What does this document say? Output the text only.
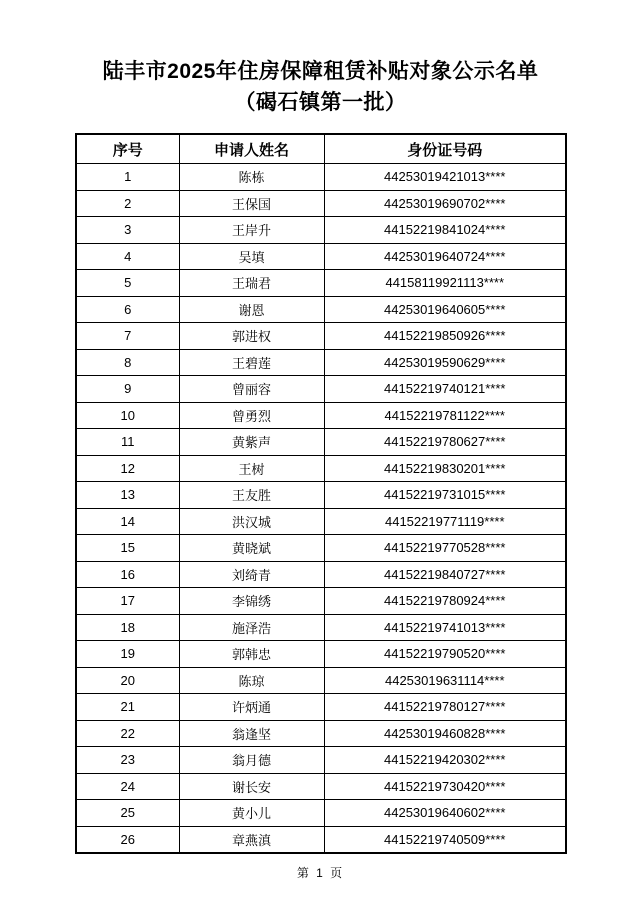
陆丰市2025年住房保障租赁补贴对象公示名单
（碣石镇第一批）
序号	申请人姓名	身份证号码
1	陈栋	44253019421013****
2	王保国	44253019690702****
3	王岸升	44152219841024****
4	吴填	44253019640724****
5	王瑞君	44158119921113****
6	谢恩	44253019640605****
7	郭进权	44152219850926****
8	王碧莲	44253019590629****
9	曾丽容	44152219740121****
10	曾勇烈	44152219781122****
11	黄紫声	44152219780627****
12	王树	44152219830201****
13	王友胜	44152219731015****
14	洪汉城	44152219771119****
15	黄晓斌	44152219770528****
16	刘绮青	44152219840727****
17	李锦绣	44152219780924****
18	施泽浩	44152219741013****
19	郭韩忠	44152219790520****
20	陈琼	44253019631114****
21	许炳通	44152219780127****
22	翁逢坚	44253019460828****
23	翁月德	44152219420302****
24	谢长安	44152219730420****
25	黄小儿	44253019640602****
26	章燕滇	44152219740509****
第 1 页
